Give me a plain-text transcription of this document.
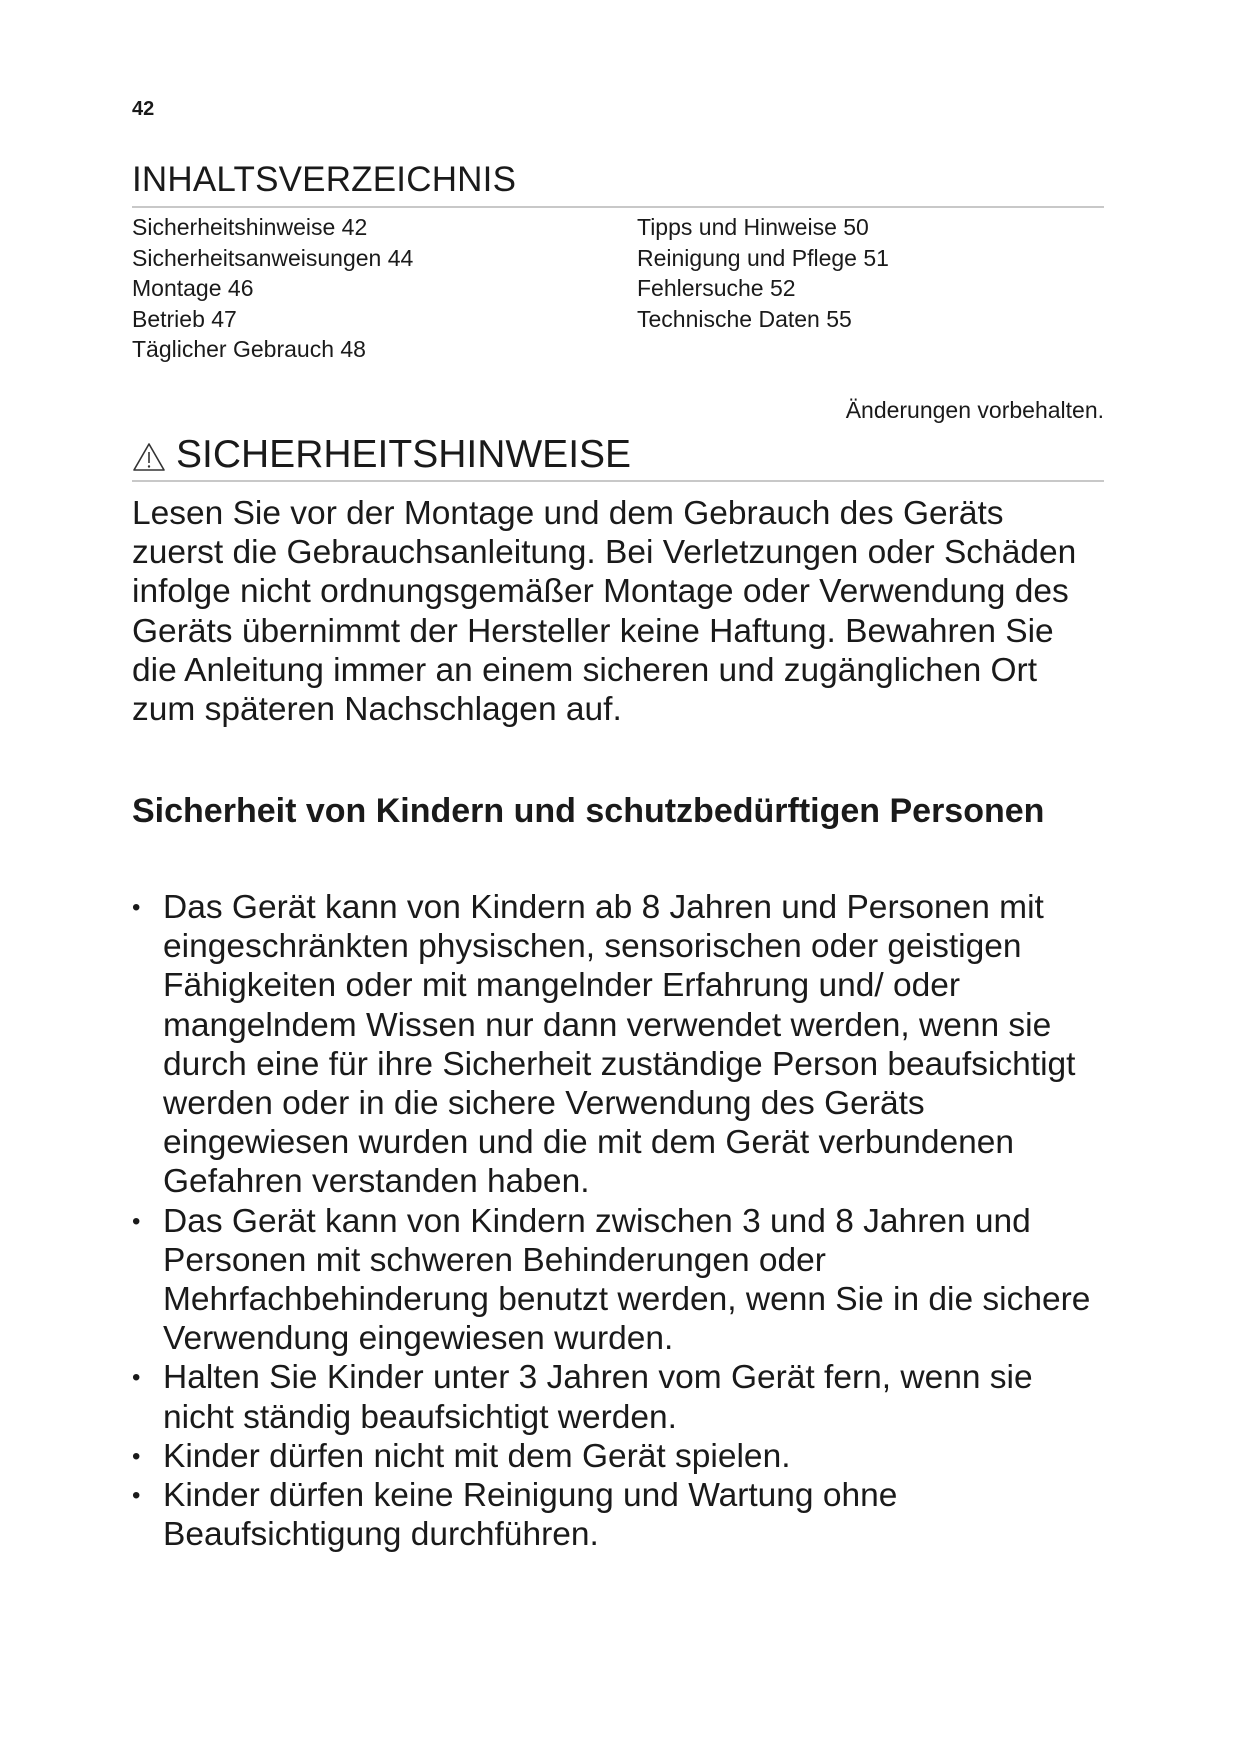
42
INHALTSVERZEICHNIS
Sicherheitshinweise 42
Sicherheitsanweisungen 44
Montage 46
Betrieb 47
Täglicher Gebrauch 48
Tipps und Hinweise 50
Reinigung und Pflege 51
Fehlersuche 52
Technische Daten 55
Änderungen vorbehalten.
SICHERHEITSHINWEISE

Lesen Sie vor der Montage und dem Gebrauch des Geräts zuerst die Gebrauchsanleitung. Bei Verletzungen oder Schäden infolge nicht ordnungsgemäßer Montage oder Verwendung des Geräts übernimmt der Hersteller keine Haftung. Bewahren Sie die Anleitung immer an einem sicheren und zugänglichen Ort zum späteren Nachschlagen auf.

Sicherheit von Kindern und schutzbedürftigen Personen
• Das Gerät kann von Kindern ab 8 Jahren und Personen mit eingeschränkten physischen, sensorischen oder geistigen Fähigkeiten oder mit mangelnder Erfahrung und/ oder mangelndem Wissen nur dann verwendet werden, wenn sie durch eine für ihre Sicherheit zuständige Person beaufsichtigt werden oder in die sichere Verwendung des Geräts eingewiesen wurden und die mit dem Gerät verbundenen Gefahren verstanden haben.
• Das Gerät kann von Kindern zwischen 3 und 8 Jahren und Personen mit schweren Behinderungen oder Mehrfachbehinderung benutzt werden, wenn Sie in die sichere Verwendung eingewiesen wurden.
• Halten Sie Kinder unter 3 Jahren vom Gerät fern, wenn sie nicht ständig beaufsichtigt werden.
• Kinder dürfen nicht mit dem Gerät spielen.
• Kinder dürfen keine Reinigung und Wartung ohne Beaufsichtigung durchführen.
